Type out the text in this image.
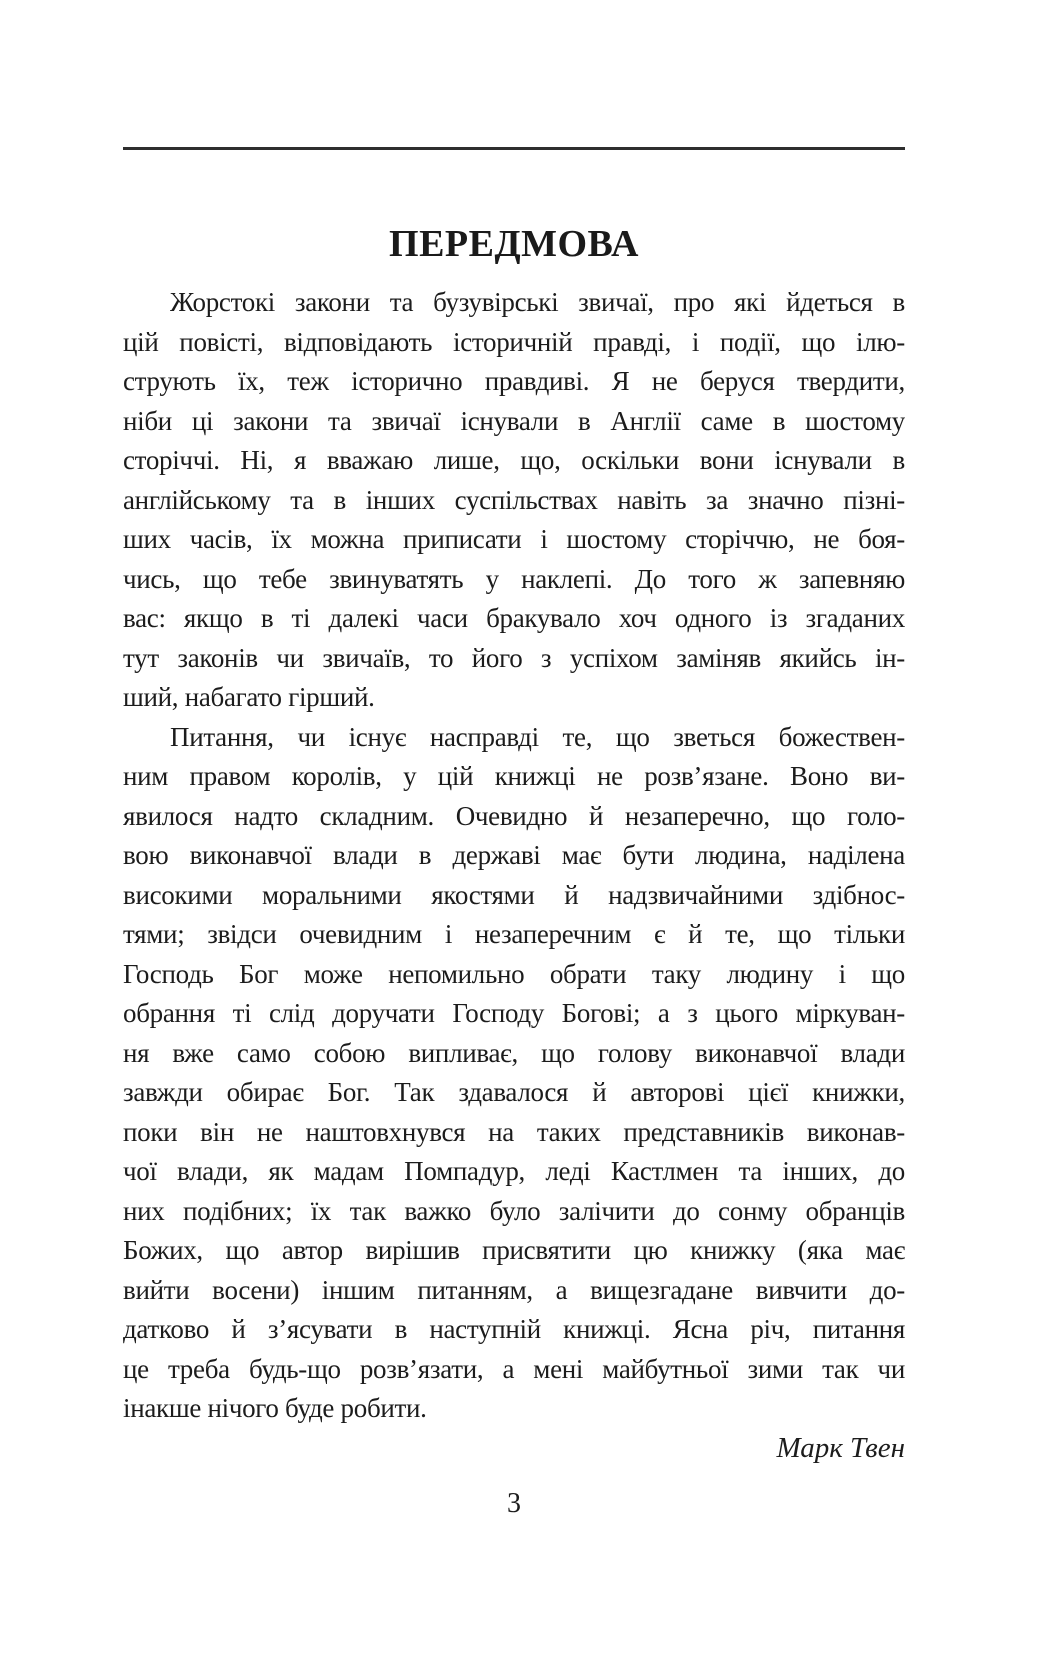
ПЕРЕДМОВА
Жорстокі закони та бузувірські звичаї, про які йдеться в
цій повісті, відповідають історичній правді, і події, що ілю-
струють їх, теж історично правдиві. Я не беруся твердити,
ніби ці закони та звичаї існували в Англії саме в шостому
сторіччі. Ні, я вважаю лише, що, оскільки вони існували в
англійському та в інших суспільствах навіть за значно пізні-
ших часів, їх можна приписати і шостому сторіччю, не боя-
чись, що тебе звинуватять у наклепі. До того ж запевняю
вас: якщо в ті далекі часи бракувало хоч одного із згаданих
тут законів чи звичаїв, то його з успіхом заміняв якийсь ін-
ший, набагато гірший.
Питання, чи існує насправді те, що зветься божествен-
ним правом королів, у цій книжці не розв’язане. Воно ви-
явилося надто складним. Очевидно й незаперечно, що голо-
вою виконавчої влади в державі має бути людина, наділена
високими моральними якостями й надзвичайними здібнос-
тями; звідси очевидним і незаперечним є й те, що тільки
Господь Бог може непомильно обрати таку людину і що
обрання ті слід доручати Господу Богові; а з цього міркуван-
ня вже само собою випливає, що голову виконавчої влади
завжди обирає Бог. Так здавалося й авторові цієї книжки,
поки він не наштовхнувся на таких представників виконав-
чої влади, як мадам Помпадур, леді Кастлмен та інших, до
них подібних; їх так важко було залічити до сонму обранців
Божих, що автор вирішив присвятити цю книжку (яка має
вийти восени) іншим питанням, а вищезгадане вивчити до-
датково й з’ясувати в наступній книжці. Ясна річ, питання
це треба будь-що розв’язати, а мені майбутньої зими так чи
інакше нічого буде робити.
Марк Твен
3
